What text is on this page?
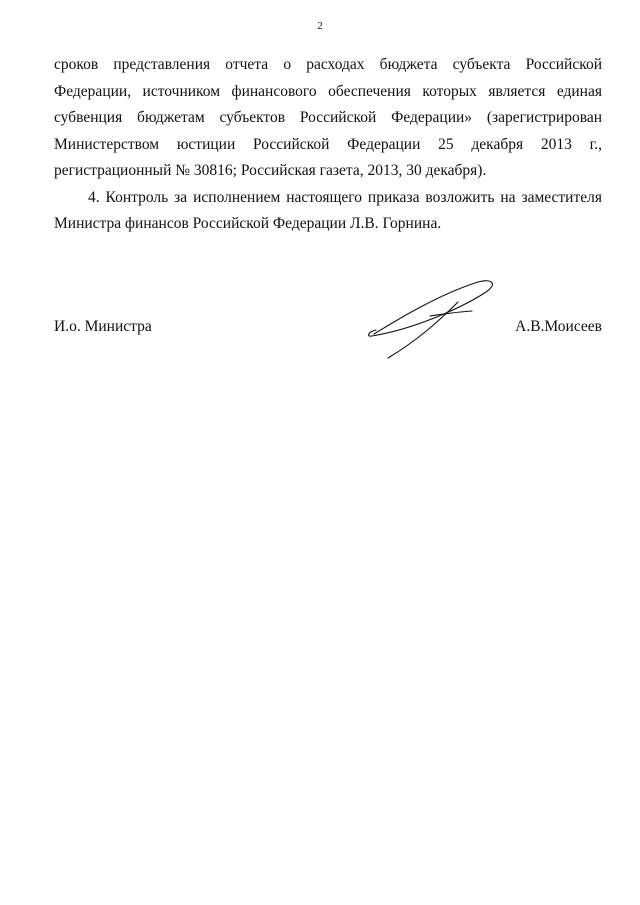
2

сроков представления отчета о расходах бюджета субъекта Российской Федерации, источником финансового обеспечения которых является единая субвенция бюджетам субъектов Российской Федерации» (зарегистрирован Министерством юстиции Российской Федерации 25 декабря 2013 г., регистрационный № 30816; Российская газета, 2013, 30 декабря).

4. Контроль за исполнением настоящего приказа возложить на заместителя Министра финансов Российской Федерации Л.В. Горнина.

И.о. Министра	А.В.Моисеев
